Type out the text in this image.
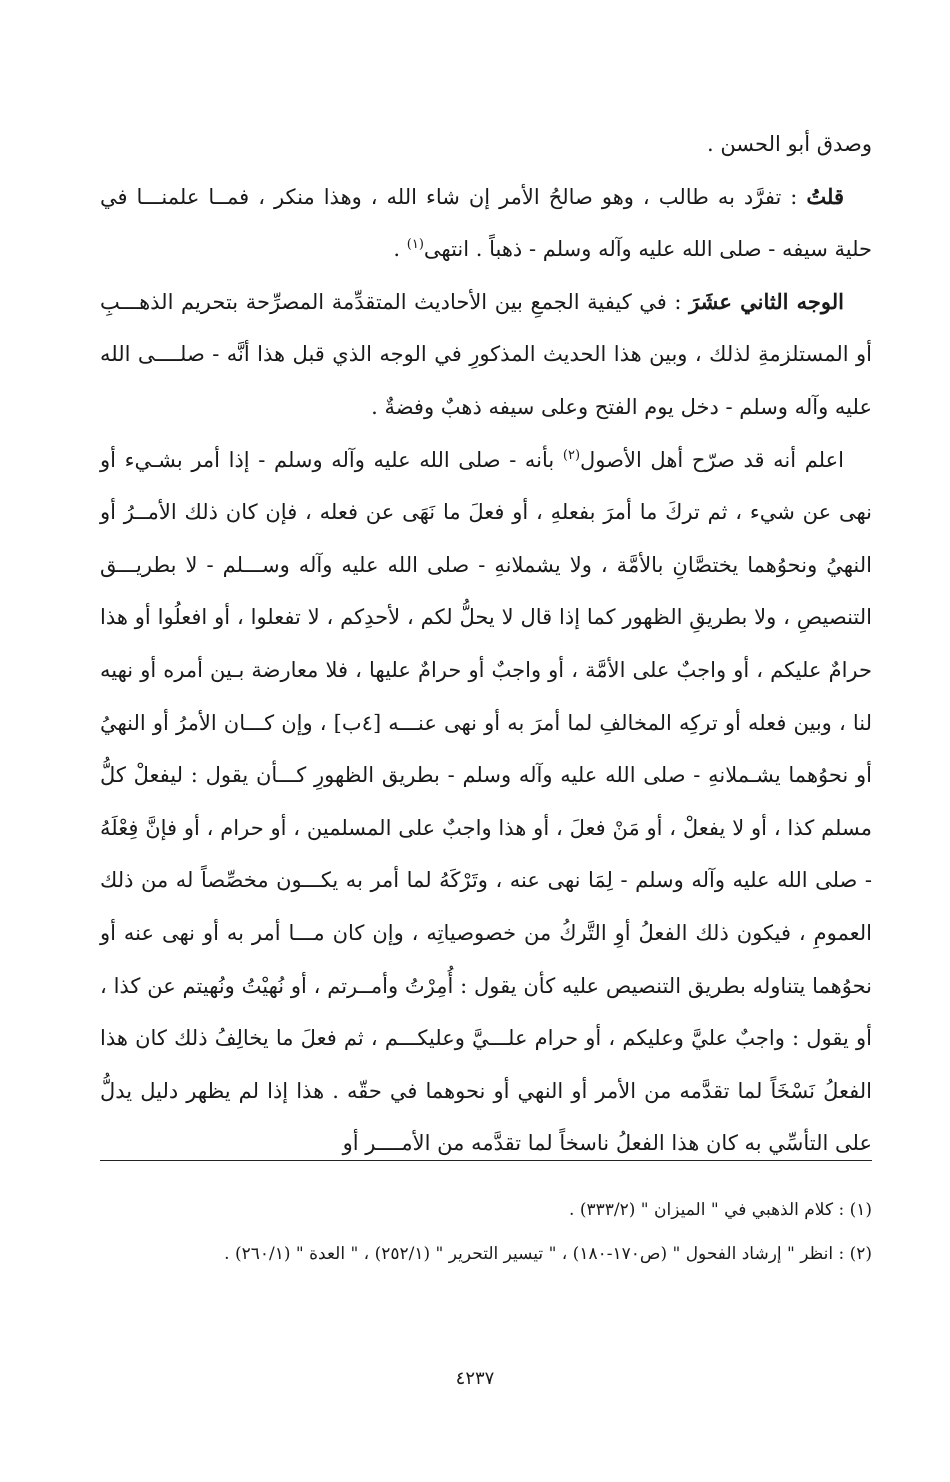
وصدق أبو الحسن .

قلتُ : تفرَّد به طالب ، وهو صالحُ الأمر إن شاء الله ، وهذا منكر ، فمــا علمنـــا في حلية سيفه - صلى الله عليه وآله وسلم - ذهباً . انتهى$^{(١)}$ .

الوجه الثاني عشَرَ : في كيفية الجمعِ بين الأحاديث المتقدِّمة المصرِّحة بتحريم الذهـــبِ أو المستلزمةِ لذلك ، وبين هذا الحديث المذكورِ في الوجه الذي قبل هذا أنَّه - صلــــى الله عليه وآله وسلم - دخل يوم الفتح وعلى سيفه ذهبٌ وفضةٌ .

اعلم أنه قد صرّح أهل الأصول$^{(٢)}$ بأنه - صلى الله عليه وآله وسلم - إذا أمر بشـيء أو نهى عن شيء ، ثم تركَ ما أمرَ بفعلهِ ، أو فعلَ ما نَهَى عن فعله ، فإن كان ذلك الأمــرُ أو النهيُ ونحوُهما يختصَّانِ بالأمَّة ، ولا يشملانهِ - صلى الله عليه وآله وســـلم - لا بطريـــق التنصيصِ ، ولا بطريقِ الظهور كما إذا قال لا يحلُّ لكم ، لأحدِكم ، لا تفعلوا ، أو افعلُوا أو هذا حرامٌ عليكم ، أو واجبٌ على الأمَّة ، أو واجبٌ أو حرامٌ عليها ، فلا معارضة بـين أمره أو نهيه لنا ، وبين فعله أو تركِه المخالفِ لما أمرَ به أو نهى عنـــه [٤ب] ، وإن كـــان الأمرُ أو النهيُ أو نحوُهما يشـملانهِ - صلى الله عليه وآله وسلم - بطريق الظهورِ كـــأن يقول : ليفعلْ كلُّ مسلم كذا ، أو لا يفعلْ ، أو مَنْ فعلَ ، أو هذا واجبٌ على المسلمين ، أو حرام ، أو فإنَّ فِعْلَهُ - صلى الله عليه وآله وسلم - لِمَا نهى عنه ، وتَرْكَهُ لما أمر به يكـــون مخصِّصاً له من ذلك العمومِ ، فيكون ذلك الفعلُ أوِ التَّركُ من خصوصياتِه ، وإن كان مـــا أمر به أو نهى عنه أو نحوُهما يتناوله بطريق التنصيص عليه كأن يقول : أُمِرْتُ وأمــرتم ، أو نُهيْتُ ونُهيتم عن كذا ، أو يقول : واجبٌ عليَّ وعليكم ، أو حرام علـــيَّ وعليكـــم ، ثم فعلَ ما يخالِفُ ذلك كان هذا الفعلُ نَسْخَاً لما تقدَّمه من الأمر أو النهي أو نحوهما في حقّه . هذا إذا لم يظهر دليل يدلُّ على التأسِّي به كان هذا الفعلُ ناسخاً لما تقدَّمه من الأمــــر أو

(١) : كلام الذهبي في " الميزان " (٣٣٣/٢) .

(٢) : انظر " إرشاد الفحول " (ص١٧٠-١٨٠) ، " تيسير التحرير " (٢٥٢/١) ، " العدة " (٢٦٠/١) .

٤٢٣٧
